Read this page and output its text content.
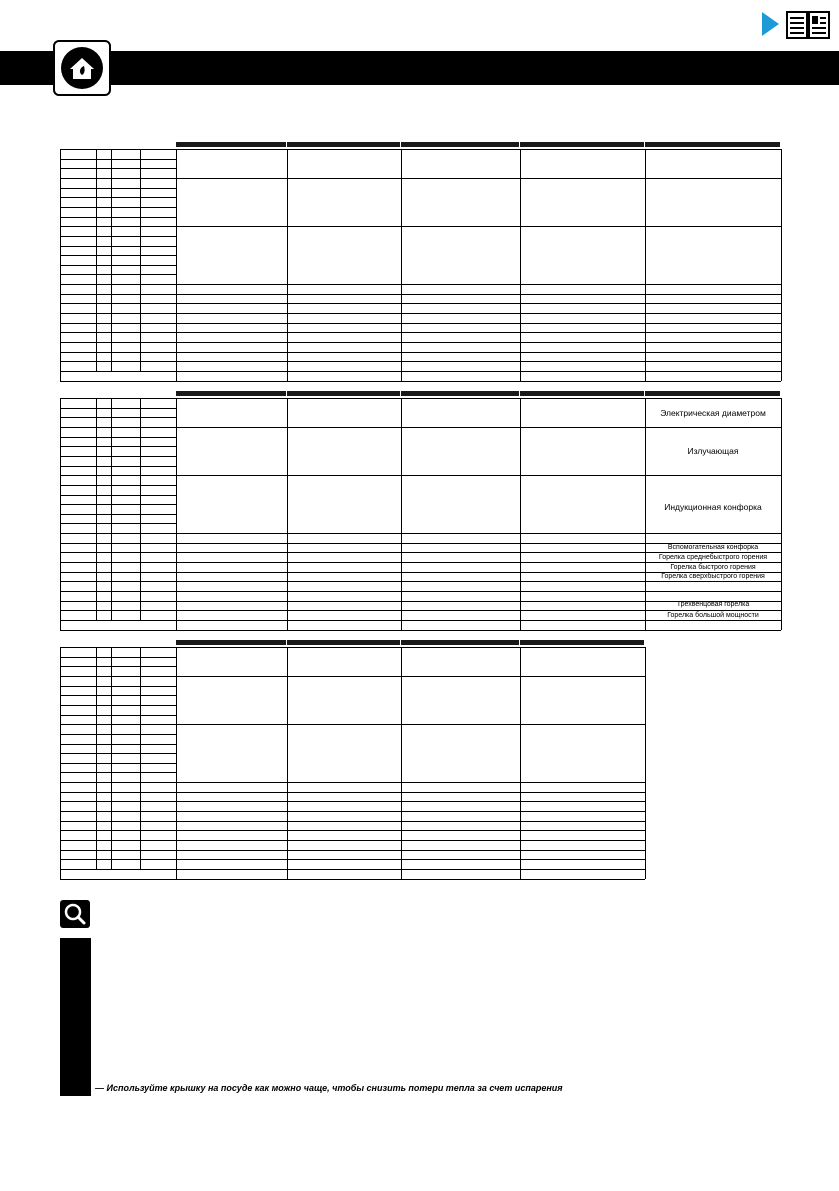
Электрическая диаметром
Излучающая
Индукционная конфорка
Вспомогательная конфорка
Горелка среднебыстрого горения
Горелка быстрого горения
Горелка сверхбыстрого горения
Трехвенцовая горелка
Горелка большой мощности
— Используйте крышку на посуде как можно чаще, чтобы снизить потери тепла за счет испарения
